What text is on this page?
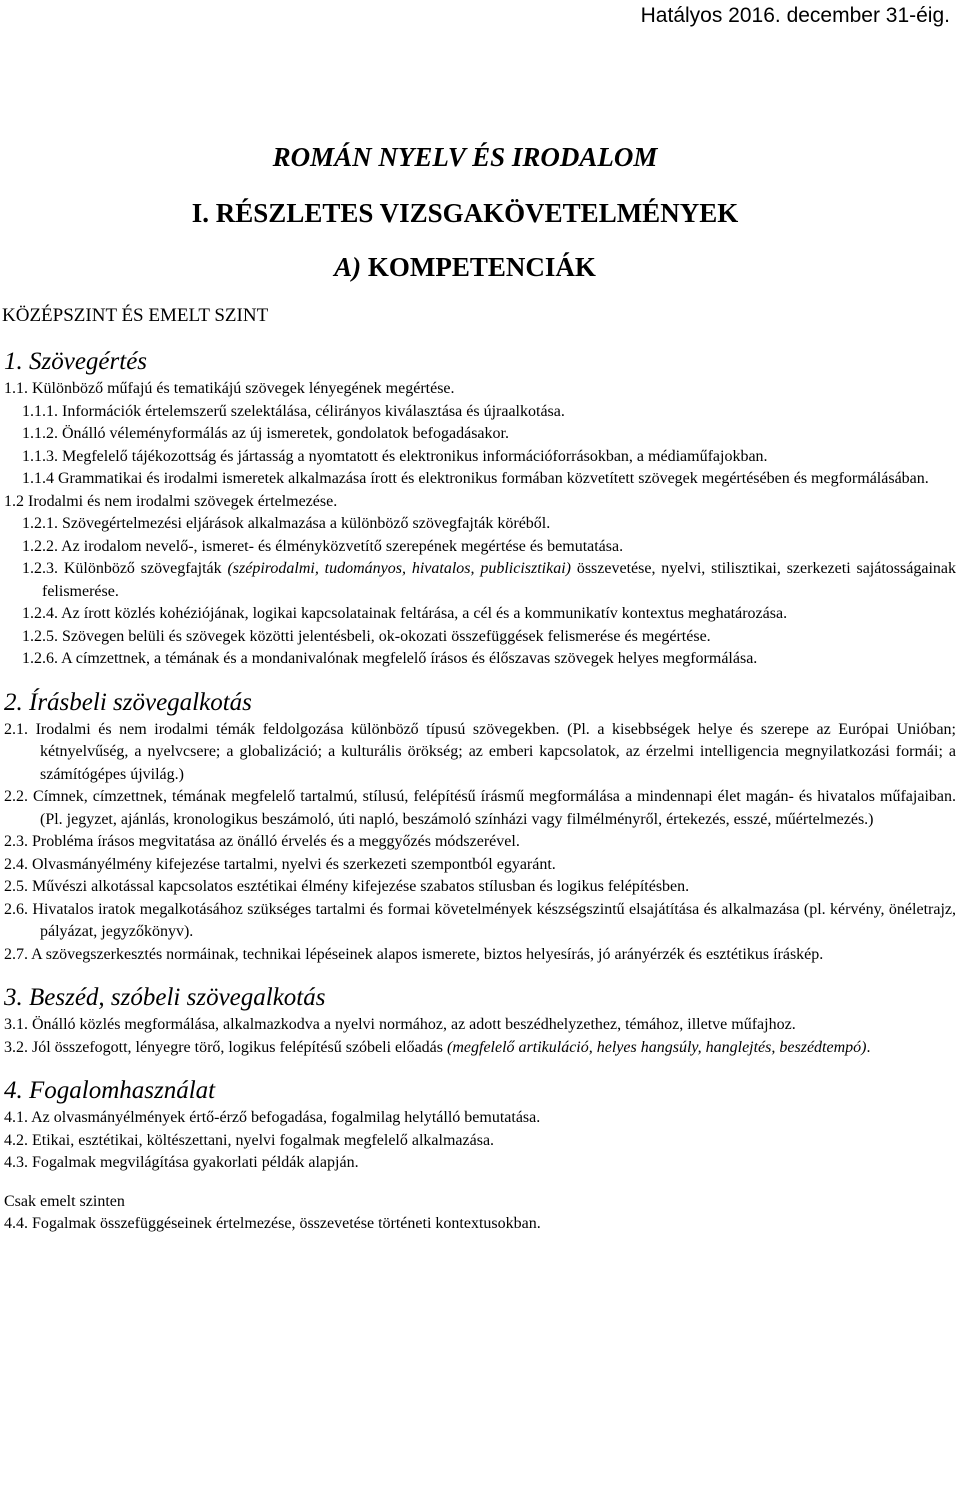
Hatályos 2016. december 31-éig.
ROMÁN NYELV ÉS IRODALOM
I. RÉSZLETES VIZSGAKÖVETELMÉNYEK
A) KOMPETENCIÁK
KÖZÉPSZINT ÉS EMELT SZINT
1. Szövegértés

1.1. Különböző műfajú és tematikájú szövegek lényegének megértése.

1.1.1. Információk értelemszerű szelektálása, célirányos kiválasztása és újraalkotása.

1.1.2. Önálló véleményformálás az új ismeretek, gondolatok befogadásakor.

1.1.3. Megfelelő tájékozottság és jártasság a nyomtatott és elektronikus információforrásokban, a médiaműfajokban.

1.1.4 Grammatikai és irodalmi ismeretek alkalmazása írott és elektronikus formában közvetített szövegek megértésében és megformálásában.

1.2 Irodalmi és nem irodalmi szövegek értelmezése.

1.2.1. Szövegértelmezési eljárások alkalmazása a különböző szövegfajták köréből.

1.2.2. Az irodalom nevelő-, ismeret- és élményközvetítő szerepének megértése és bemutatása.

1.2.3. Különböző szövegfajták (szépirodalmi, tudományos, hivatalos, publicisztikai) összevetése, nyelvi, stilisztikai, szerkezeti sajátosságainak felismerése.

1.2.4. Az írott közlés kohéziójának, logikai kapcsolatainak feltárása, a cél és a kommunikatív kontextus meghatározása.

1.2.5. Szövegen belüli és szövegek közötti jelentésbeli, ok-okozati összefüggések felismerése és megértése.

1.2.6. A címzettnek, a témának és a mondanivalónak megfelelő írásos és élőszavas szövegek helyes megformálása.

2. Írásbeli szövegalkotás

2.1. Irodalmi és nem irodalmi témák feldolgozása különböző típusú szövegekben. (Pl. a kisebbségek helye és szerepe az Európai Unióban; kétnyelvűség, a nyelvcsere; a globalizáció; a kulturális örökség; az emberi kapcsolatok, az érzelmi intelligencia megnyilatkozási formái; a számítógépes újvilág.)

2.2. Címnek, címzettnek, témának megfelelő tartalmú, stílusú, felépítésű írásmű megformálása a mindennapi élet magán- és hivatalos műfajaiban. (Pl. jegyzet, ajánlás, kronologikus beszámoló, úti napló, beszámoló színházi vagy filmélményről, értekezés, esszé, műértelmezés.)

2.3. Probléma írásos megvitatása az önálló érvelés és a meggyőzés módszerével.

2.4. Olvasmányélmény kifejezése tartalmi, nyelvi és szerkezeti szempontból egyaránt.

2.5. Művészi alkotással kapcsolatos esztétikai élmény kifejezése szabatos stílusban és logikus felépítésben.

2.6. Hivatalos iratok megalkotásához szükséges tartalmi és formai követelmények készségszintű elsajátítása és alkalmazása (pl. kérvény, önéletrajz, pályázat, jegyzőkönyv).

2.7. A szövegszerkesztés normáinak, technikai lépéseinek alapos ismerete, biztos helyesírás, jó arányérzék és esztétikus íráskép.

3. Beszéd, szóbeli szövegalkotás

3.1. Önálló közlés megformálása, alkalmazkodva a nyelvi normához, az adott beszédhelyzethez, témához, illetve műfajhoz.

3.2. Jól összefogott, lényegre törő, logikus felépítésű szóbeli előadás (megfelelő artikuláció, helyes hangsúly, hanglejtés, beszédtempó).

4. Fogalomhasználat

4.1. Az olvasmányélmények értő-érző befogadása, fogalmilag helytálló bemutatása.

4.2. Etikai, esztétikai, költészettani, nyelvi fogalmak megfelelő alkalmazása.

4.3. Fogalmak megvilágítása gyakorlati példák alapján.

Csak emelt szinten

4.4. Fogalmak összefüggéseinek értelmezése, összevetése történeti kontextusokban.
